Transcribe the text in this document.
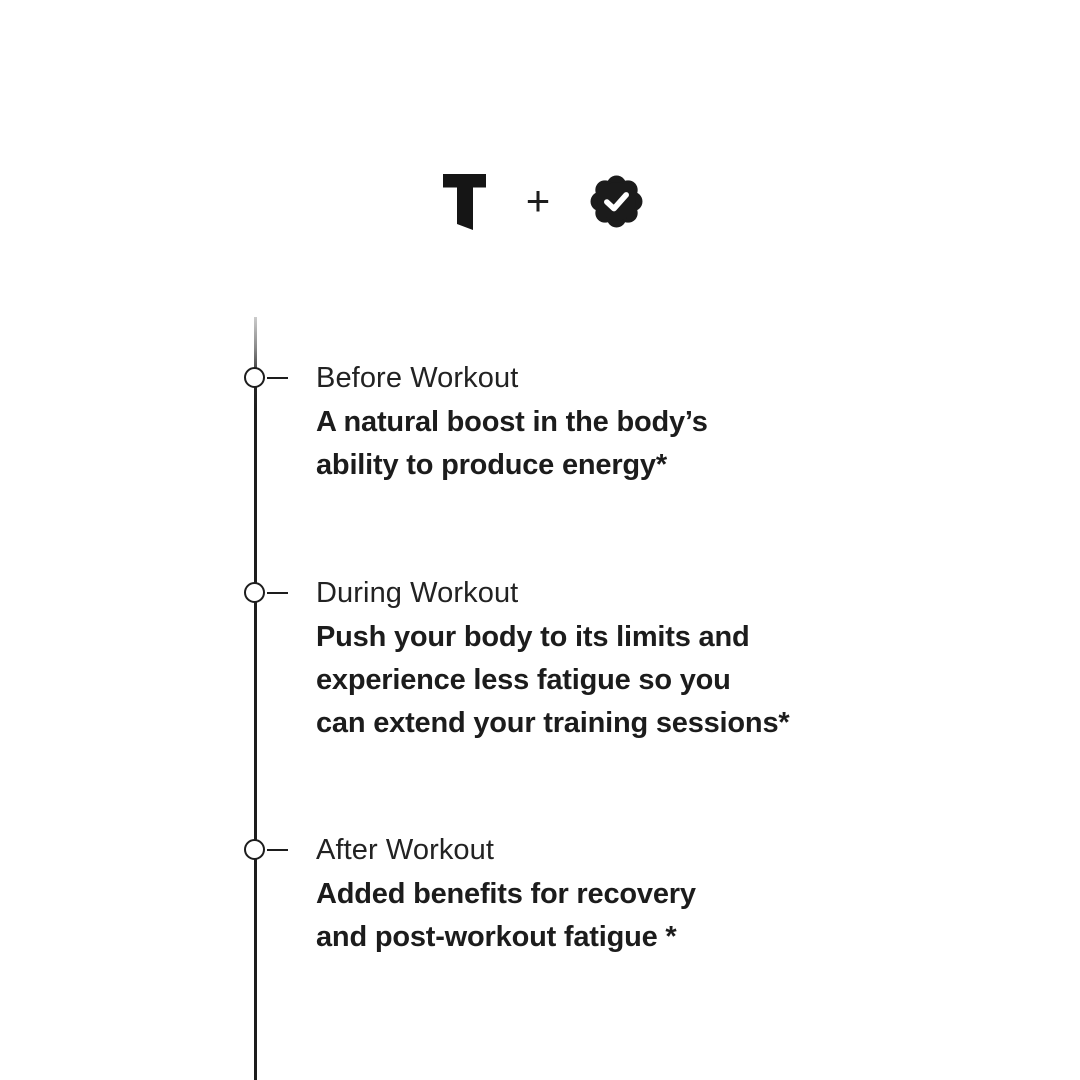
+
Before Workout
A natural boost in the body’s
ability to produce energy*
During Workout
Push your body to its limits and
experience less fatigue so you
can extend your training sessions*
After Workout
Added benefits for recovery
and post-workout fatigue *
